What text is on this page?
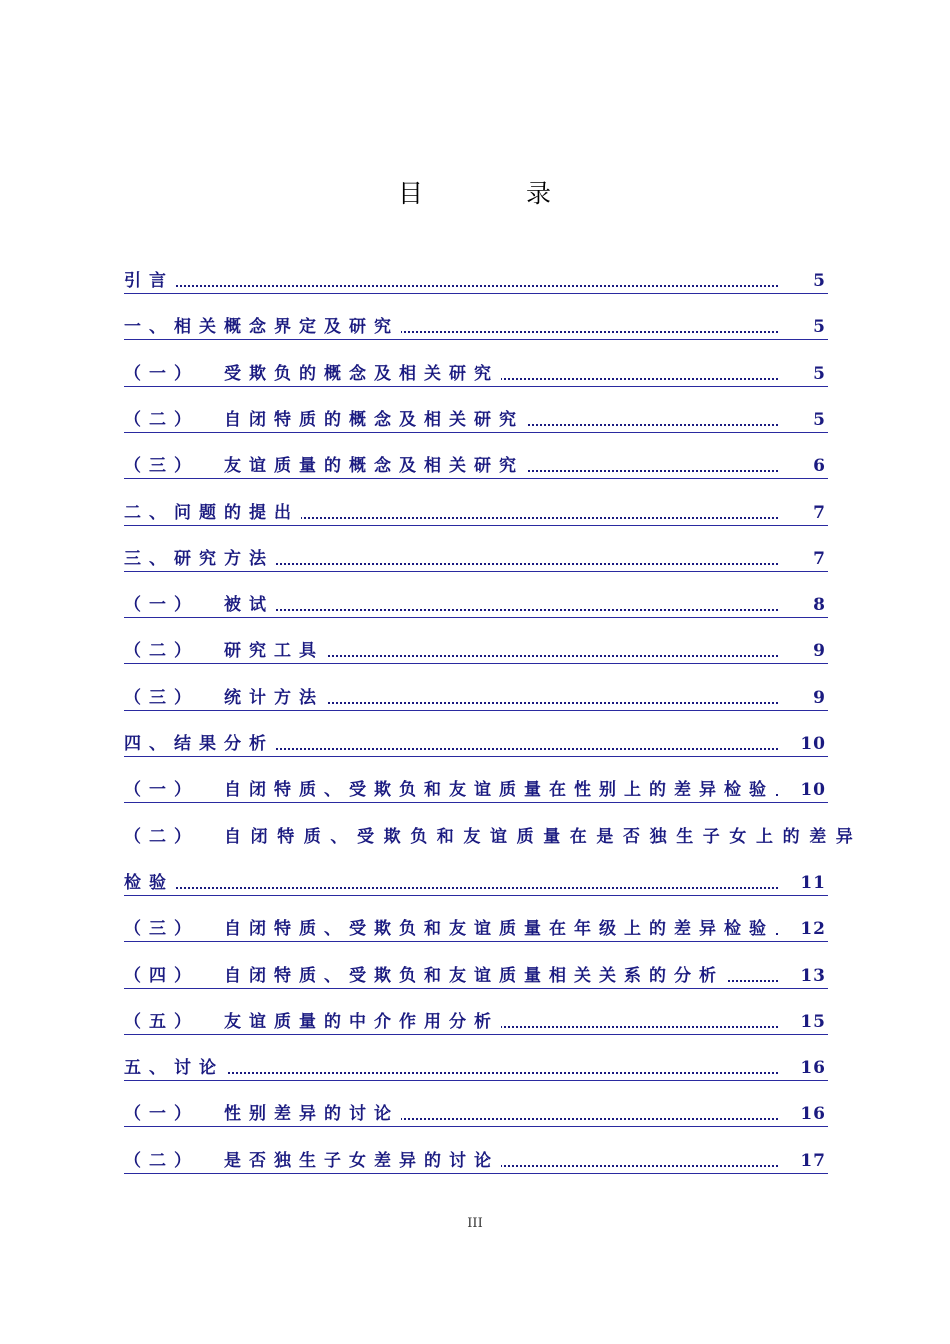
目	录
引言	5
一、相关概念界定及研究	5
（一） 受欺负的概念及相关研究	5
（二） 自闭特质的概念及相关研究	5
（三） 友谊质量的概念及相关研究	6
二、问题的提出	7
三、研究方法	7
（一） 被试	8
（二） 研究工具	9
（三） 统计方法	9
四、结果分析	10
（一） 自闭特质、受欺负和友谊质量在性别上的差异检验	10
（二） 自闭特质、受欺负和友谊质量在是否独生子女上的差异
检验	11
（三） 自闭特质、受欺负和友谊质量在年级上的差异检验	12
（四） 自闭特质、受欺负和友谊质量相关关系的分析	13
（五） 友谊质量的中介作用分析	15
五、讨论	16
（一） 性别差异的讨论	16
（二） 是否独生子女差异的讨论	17
III
